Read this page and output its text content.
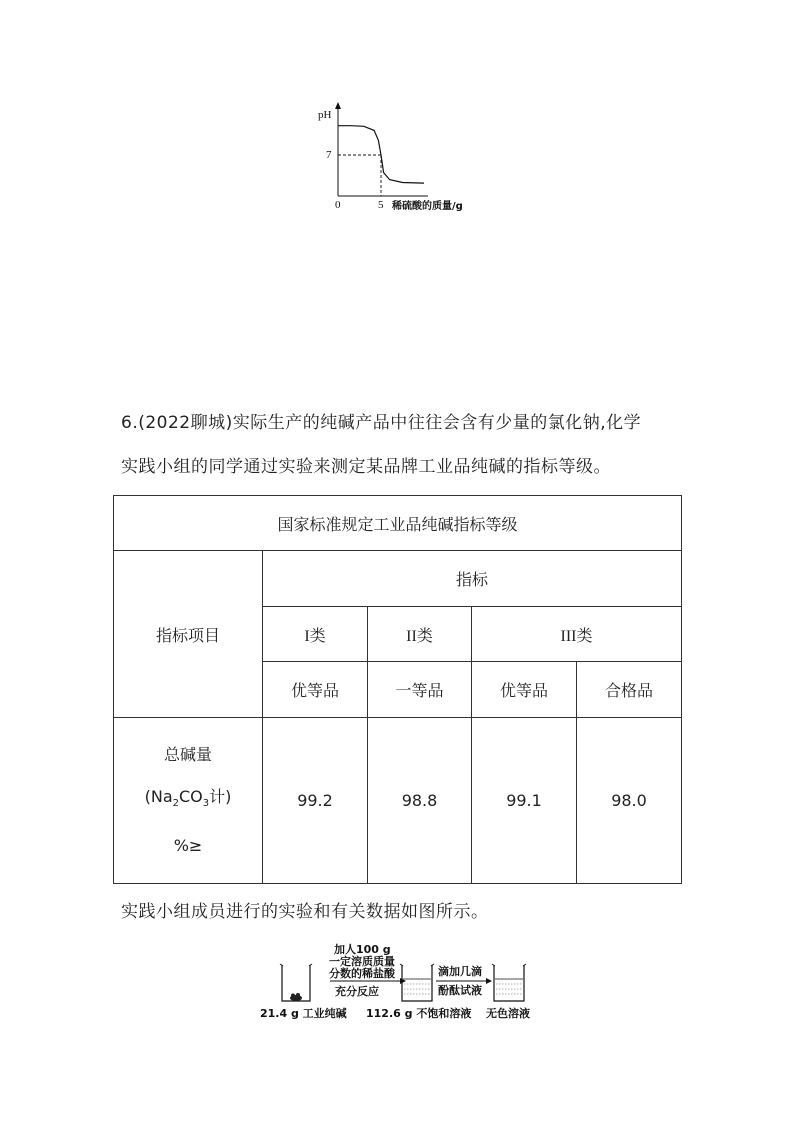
pH
7
0	5 稀硫酸的质量/g
6.(2022聊城)实际生产的纯碱产品中往往会含有少量的氯化钠,化学
实践小组的同学通过实验来测定某品牌工业品纯碱的指标等级。
国家标准规定工业品纯碱指标等级				
指标项目	指标			
	I类	II类	III类	
	优等品	一等品	优等品	合格品

总碱量
($Na_2CO_3$计)
%≥	99.2	98.8	99.1	98.0
实践小组成员进行的实验和有关数据如图所示。
加人100 g
一定溶质质量
分数的稀盐酸
充分反应
滴加几滴
酚酞试液
21.4 g 工业纯碱 112.6 g 不饱和溶液 无色溶液
